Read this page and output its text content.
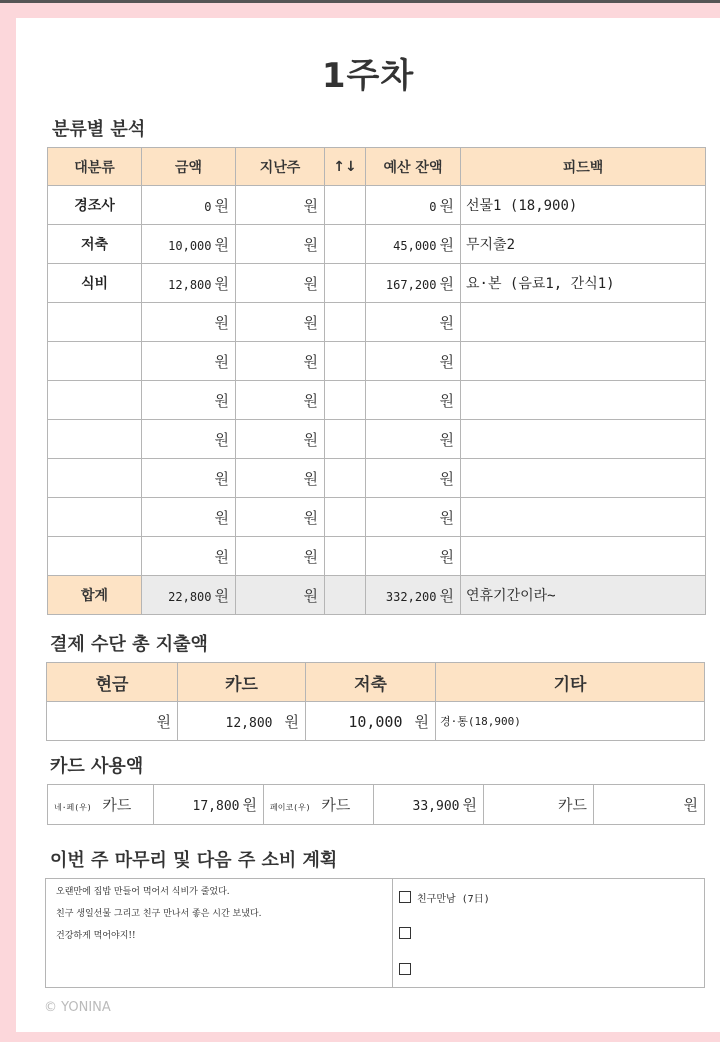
1주차
분류별 분석
대분류	금액	지난주	↑↓	예산 잔액	피드백
경조사	0 원	원		0 원	선물1 (18,900)
저축	10,000 원	원		45,000 원	무지출2
식비	12,800 원	원		167,200 원	요·본 (음료1, 간식1)
	원	원		원	
	원	원		원	
	원	원		원	
	원	원		원	
	원	원		원	
	원	원		원	
	원	원		원	
합계	22,800 원	원		332,200 원	연휴기간이라~
결제 수단 총 지출액
현금	카드	저축	기타
원	12,800 원	10,000 원	경·통(18,900)
카드 사용액
네·페(우) 카드	17,800 원	페이코(우) 카드	33,900 원	카드	원
이번 주 마무리 및 다음 주 소비 계획
오랜만에 집밥 만들어 먹어서 식비가 줄었다.
친구 생일선물 그리고 친구 만나서 좋은 시간 보냈다.
건강하게 먹어야지!!

친구만남 (7日)
© YONINA
